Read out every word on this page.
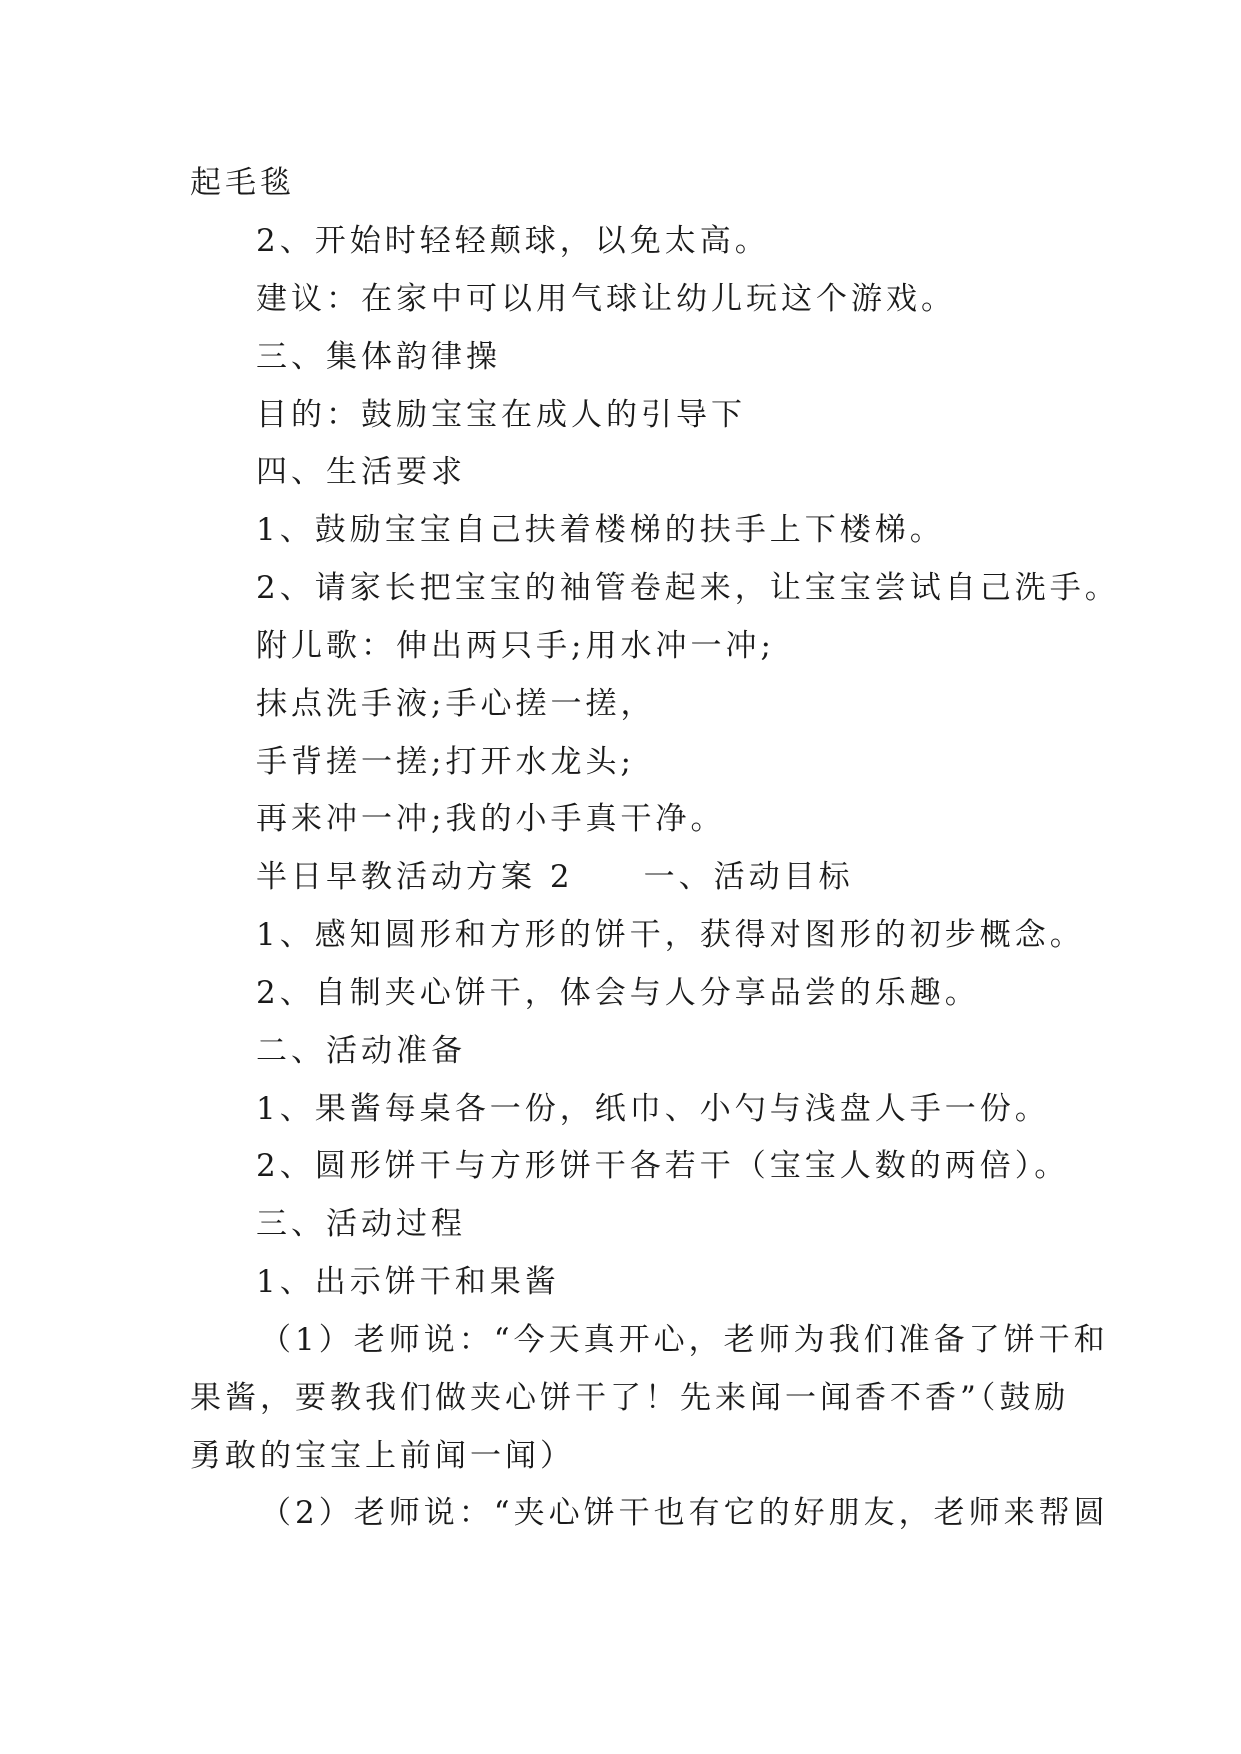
起毛毯
2、开始时轻轻颠球，以免太高。
建议：在家中可以用气球让幼儿玩这个游戏。
三、集体韵律操
目的：鼓励宝宝在成人的引导下
四、生活要求
1、鼓励宝宝自己扶着楼梯的扶手上下楼梯。
2、请家长把宝宝的袖管卷起来，让宝宝尝试自己洗手。
附儿歌：伸出两只手;用水冲一冲;
抹点洗手液;手心搓一搓，
手背搓一搓;打开水龙头;
再来冲一冲;我的小手真干净。
半日早教活动方案 2　　一、活动目标
1、感知圆形和方形的饼干，获得对图形的初步概念。
2、自制夹心饼干，体会与人分享品尝的乐趣。
二、活动准备
1、果酱每桌各一份，纸巾、小勺与浅盘人手一份。
2、圆形饼干与方形饼干各若干（宝宝人数的两倍）。
三、活动过程
1、出示饼干和果酱
（1）老师说：“今天真开心，老师为我们准备了饼干和
果酱，要教我们做夹心饼干了！先来闻一闻香不香”（鼓励
勇敢的宝宝上前闻一闻）
（2）老师说：“夹心饼干也有它的好朋友，老师来帮圆
